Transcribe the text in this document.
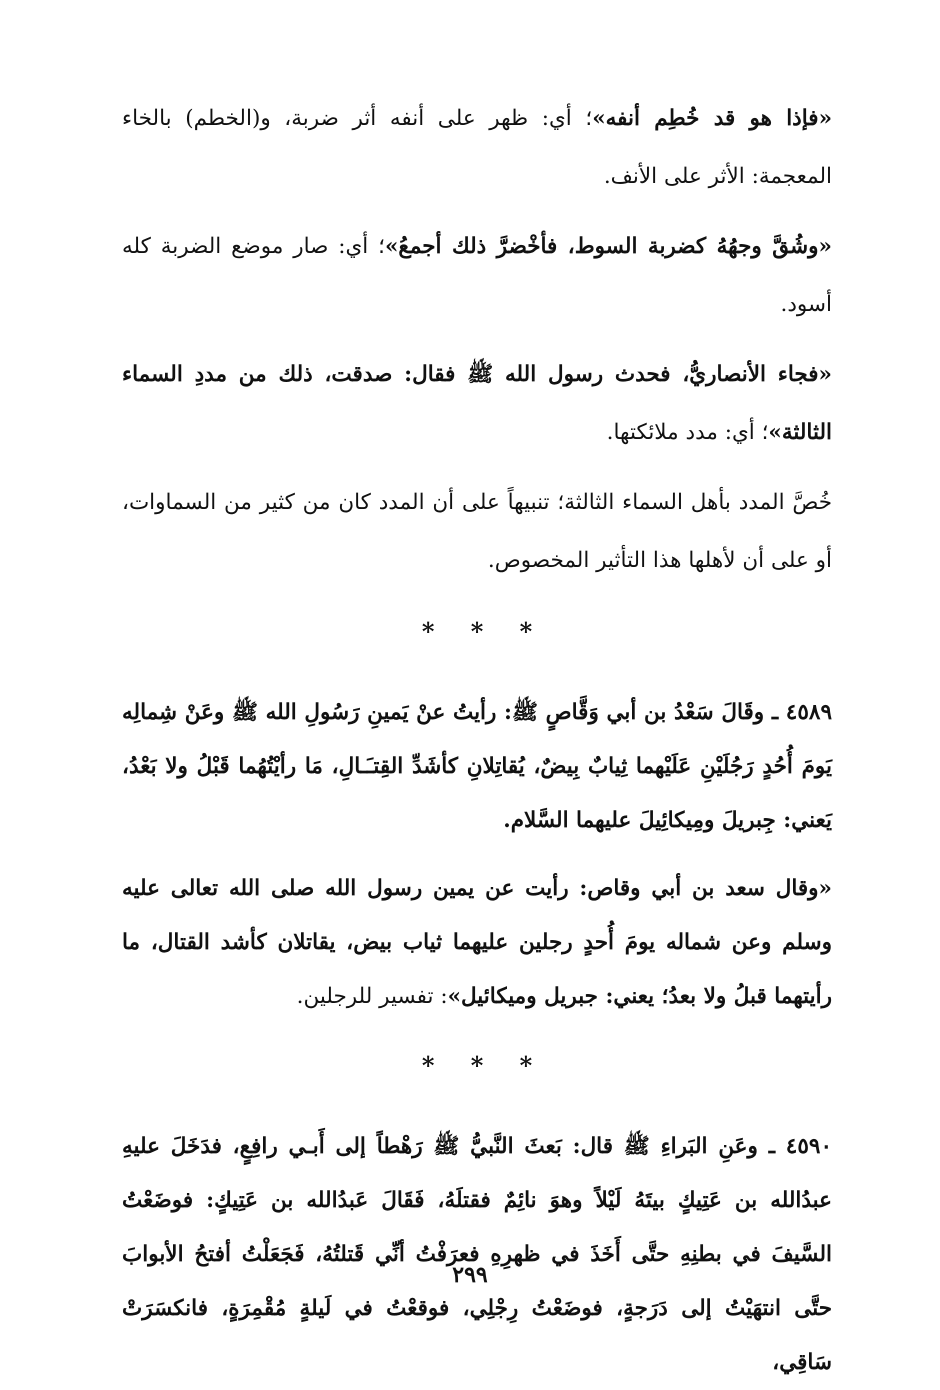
«فإذا هو قد خُطِم أنفه»؛ أي: ظهر على أنفه أثر ضربة، و(الخطم) بالخاء المعجمة: الأثر على الأنف.

«وشُقَّ وجهُهُ كضربة السوط، فأخْضرَّ ذلك أجمعُ»؛ أي: صار موضع الضربة كله أسود.

«فجاء الأنصاريُّ، فحدث رسول الله ﷺ فقال: صدقت، ذلك من مددِ السماء الثالثة»؛ أي: مدد ملائكتها.

خُصَّ المدد بأهل السماء الثالثة؛ تنبيهاً على أن المدد كان من كثير من السماوات، أو على أن لأهلها هذا التأثير المخصوص.

* * *

٤٥٨٩ ـ وقَالَ سَعْدُ بن أبي وَقَّاصٍ ﷺ: رأيتُ عنْ يَمينِ رَسُولِ الله ﷺ وعَنْ شِمالِه يَومَ أُحُدٍ رَجُلَيْنِ عَلَيْهما ثِيابٌ بِيضٌ، يُقاتِلانِ كأشَدِّ القِتـَـالِ، مَا رأيْتُهُما قَبْلُ ولا بَعْدُ، يَعني: جِبريلَ ومِيكائِيلَ عليهما السَّلام.

«وقال سعد بن أبي وقاص: رأيت عن يمين رسول الله صلى الله تعالى عليه وسلم وعن شماله يومَ أُحدٍ رجلين عليهما ثياب بيض، يقاتلان كأشد القتال، ما رأيتهما قبلُ ولا بعدُ؛ يعني: جبريل وميكائيل»: تفسير للرجلين.

* * *

٤٥٩٠ ـ وعَنِ البَراءِ ﷺ قال: بَعثَ النَّبيُّ ﷺ رَهْطاً إلى أَبـي رافِعٍ، فدَخَلَ عليهِ عبدُالله بن عَتِيكٍ بيتَهُ لَيْلاً وهوَ نائِمٌ فقتلَهُ، فَقَالَ عَبدُالله بن عَتِيكٍ: فوضَعْتُ السَّيفَ في بطنِهِ حتَّى أَخَذَ في ظهرِهِ فعرَفْتُ أنِّي قَتلتُهُ، فَجَعَلْتُ أفتحُ الأبوابَ حتَّى انتهَيْتُ إلى دَرَجةٍ، فوضَعْتُ رِجْلِي، فوقعْتُ في لَيلةٍ مُقْمِرَةٍ، فانكسَرَتْ سَاقِي،

٢٩٩
